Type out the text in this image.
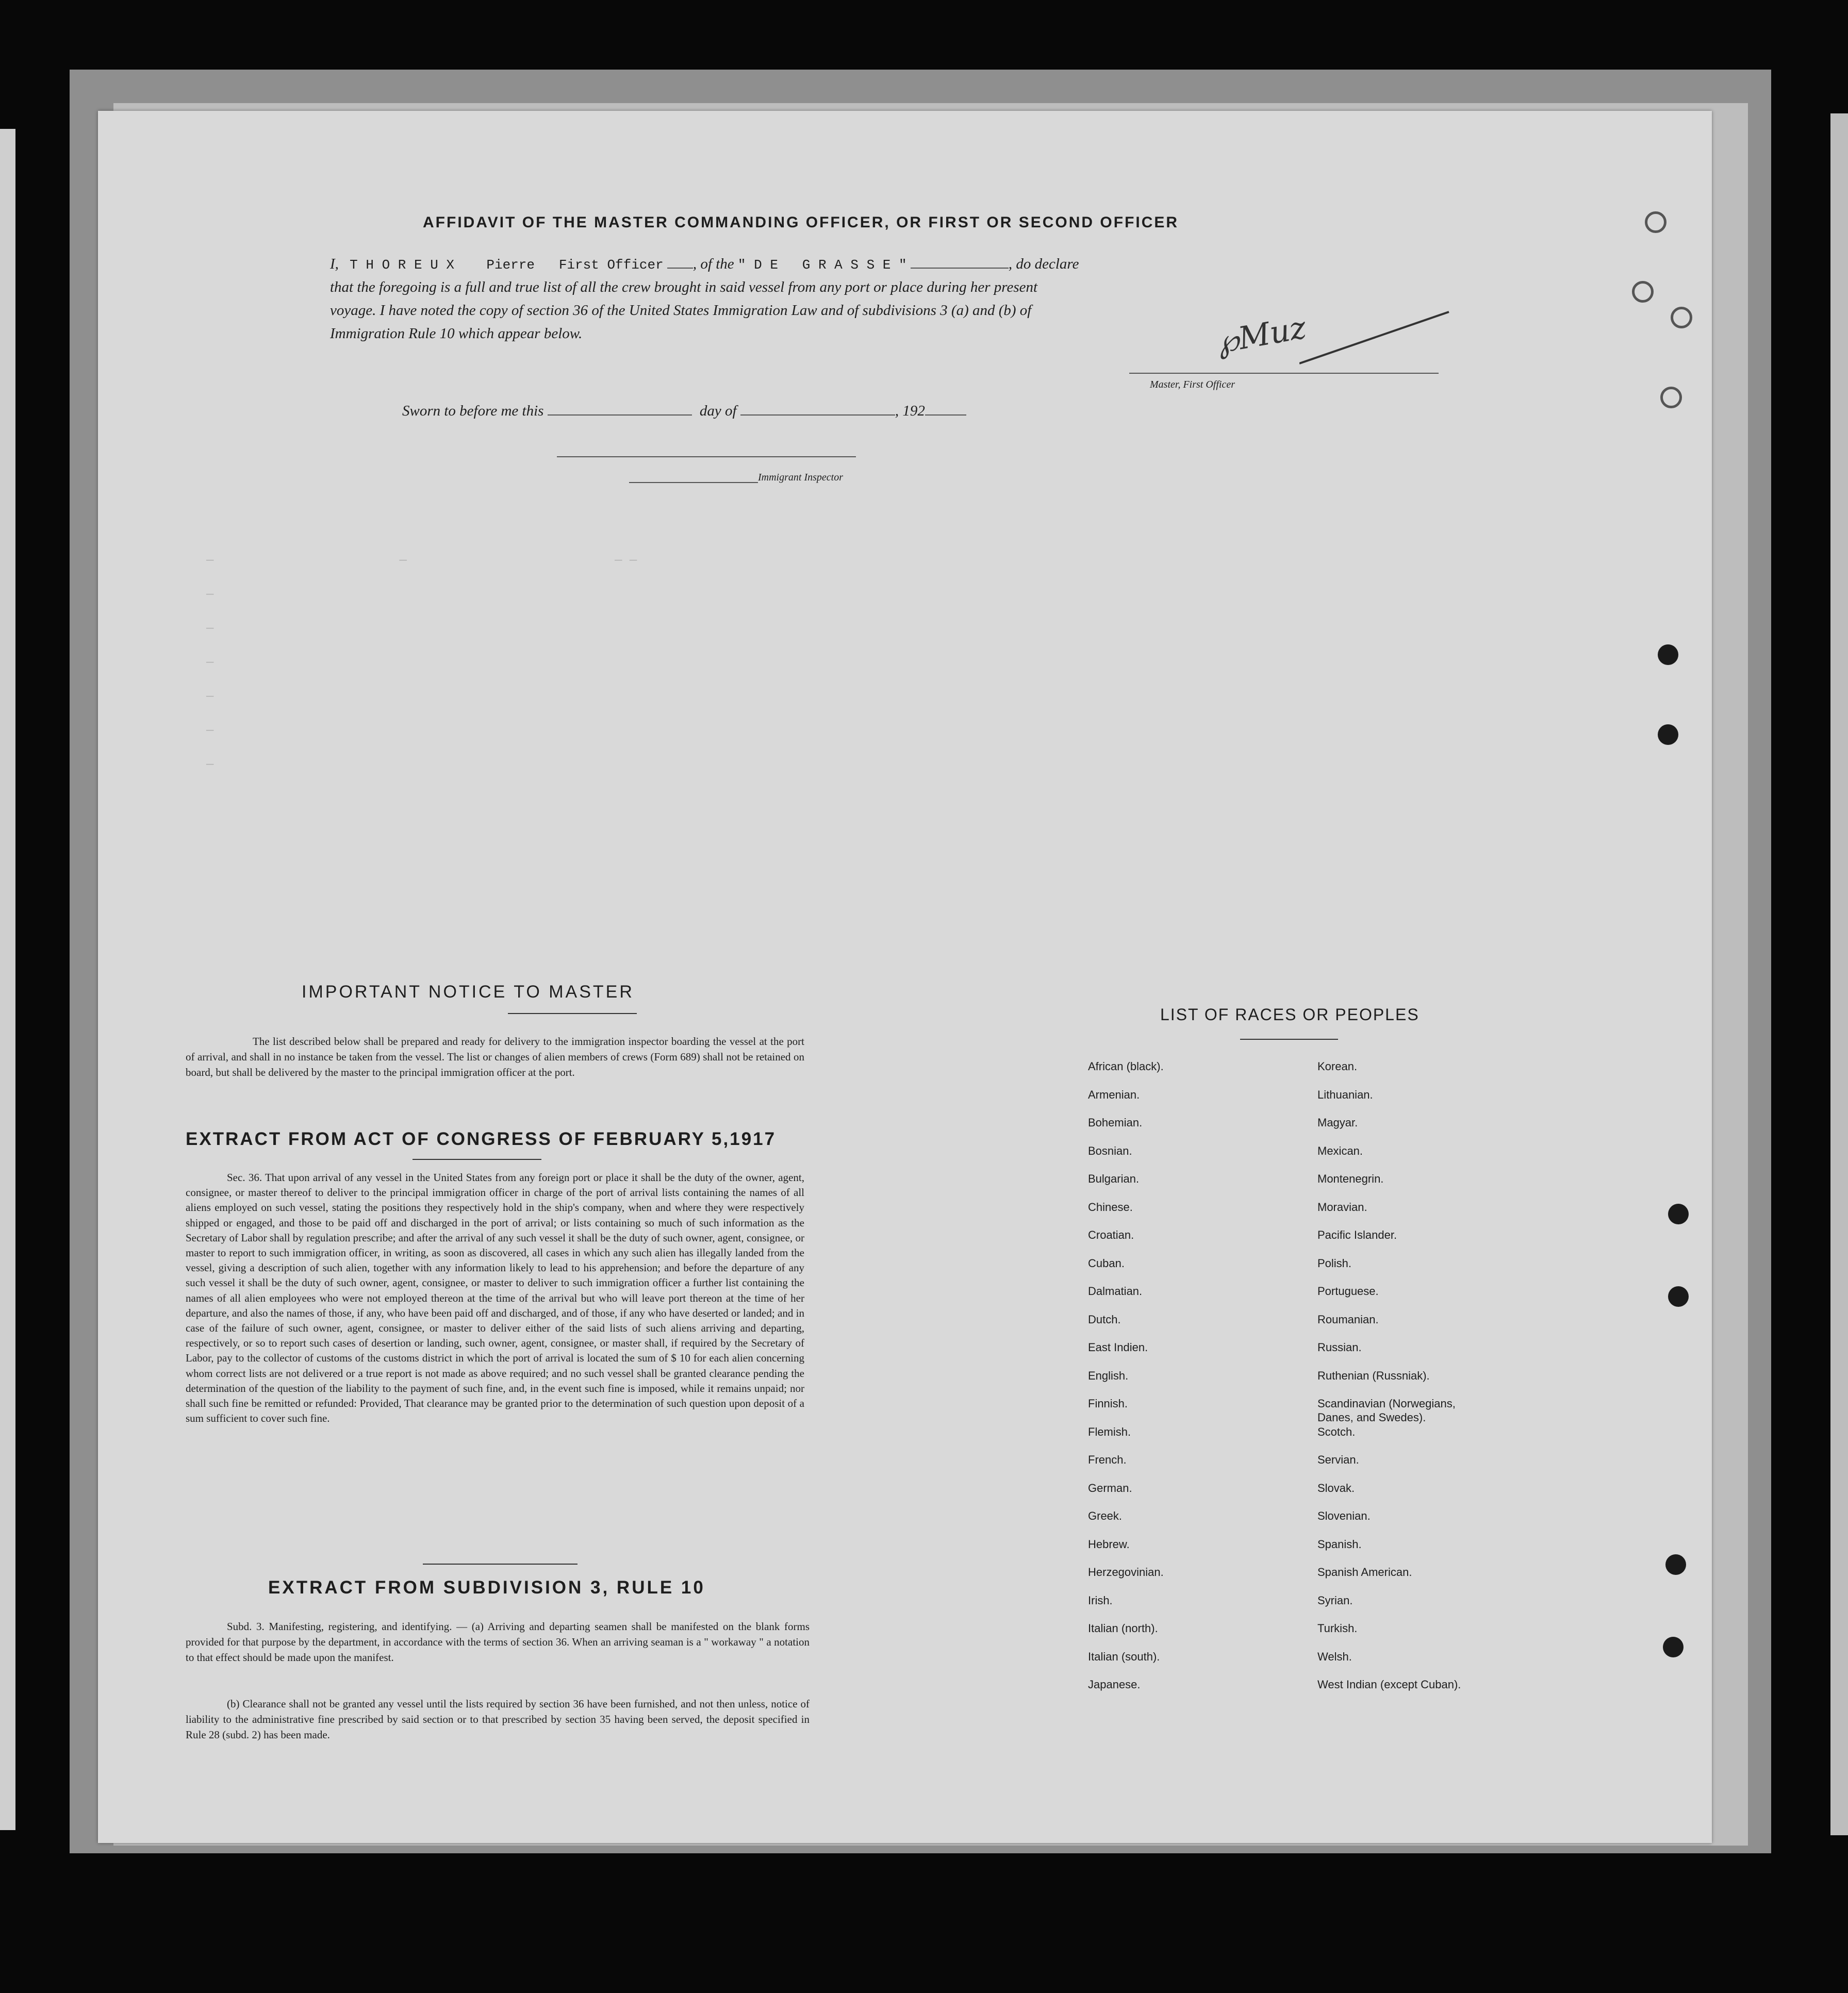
—                         —                            — —
—
—
—
—
—
—
AFFIDAVIT OF THE MASTER COMMANDING OFFICER, OR FIRST OR SECOND OFFICER
I, T H O R E U X    Pierre   First Officer , of the " D E   G R A S S E "	, do declare
that the foregoing is a full and true list of all the crew brought in said vessel from any port or place during her present
voyage. I have noted the copy of section 36 of the United States Immigration Law and of subdivisions 3 (a) and (b) of
Immigration Rule 10 which appear below.	℘Muz
Master, First Officer
Sworn to before me this	day of	, 192
Immigrant Inspector
IMPORTANT NOTICE TO MASTER
The list described below shall be prepared and ready for delivery to the immigration inspector boarding the vessel at the port of arrival, and shall in no instance be taken from the vessel. The list or changes of alien members of crews (Form 689) shall not be retained on board, but shall be delivered by the master to the principal immigration officer at the port.
EXTRACT FROM ACT OF CONGRESS OF FEBRUARY 5,1917
Sec. 36. That upon arrival of any vessel in the United States from any foreign port or place it shall be the duty of the owner, agent, consignee, or master thereof to deliver to the principal immigration officer in charge of the port of arrival lists containing the names of all aliens employed on such vessel, stating the positions they respectively hold in the ship's company, when and where they were respectively shipped or engaged, and those to be paid off and discharged in the port of arrival; or lists containing so much of such information as the Secretary of Labor shall by regulation prescribe; and after the arrival of any such vessel it shall be the duty of such owner, agent, consignee, or master to report to such immigration officer, in writing, as soon as discovered, all cases in which any such alien has illegally landed from the vessel, giving a description of such alien, together with any information likely to lead to his apprehension; and before the departure of any such vessel it shall be the duty of such owner, agent, consignee, or master to deliver to such immigration officer a further list containing the names of all alien employees who were not employed thereon at the time of the arrival but who will leave port thereon at the time of her departure, and also the names of those, if any, who have been paid off and discharged, and of those, if any who have deserted or landed; and in case of the failure of such owner, agent, consignee, or master to deliver either of the said lists of such aliens arriving and departing, respectively, or so to report such cases of desertion or landing, such owner, agent, consignee, or master shall, if required by the Secretary of Labor, pay to the collector of customs of the customs district in which the port of arrival is located the sum of $ 10 for each alien concerning whom correct lists are not delivered or a true report is not made as above required; and no such vessel shall be granted clearance pending the determination of the question of the liability to the payment of such fine, and, in the event such fine is imposed, while it remains unpaid; nor shall such fine be remitted or refunded: Provided, That clearance may be granted prior to the determination of such question upon deposit of a sum sufficient to cover such fine.
EXTRACT FROM SUBDIVISION 3, RULE 10
Subd. 3. Manifesting, registering, and identifying. — (a) Arriving and departing seamen shall be manifested on the blank forms provided for that purpose by the department, in accordance with the terms of section 36. When an arriving seaman is a " workaway " a notation to that effect should be made upon the manifest.
(b) Clearance shall not be granted any vessel until the lists required by section 36 have been furnished, and not then unless, notice of liability to the administrative fine prescribed by said section or to that prescribed by section 35 having been served, the deposit specified in Rule 28 (subd. 2) has been made.
LIST OF RACES OR PEOPLES
African (black).
Armenian.
Bohemian.
Bosnian.
Bulgarian.
Chinese.
Croatian.
Cuban.
Dalmatian.
Dutch.
East Indien.
English.
Finnish.
Flemish.
French.
German.
Greek.
Hebrew.
Herzegovinian.
Irish.
Italian (north).
Italian (south).
Japanese.
Korean.
Lithuanian.
Magyar.
Mexican.
Montenegrin.
Moravian.
Pacific Islander.
Polish.
Portuguese.
Roumanian.
Russian.
Ruthenian (Russniak).
Scandinavian (Norwegians,
Danes, and Swedes).
Scotch.
Servian.
Slovak.
Slovenian.
Spanish.
Spanish American.
Syrian.
Turkish.
Welsh.
West Indian (except Cuban).
